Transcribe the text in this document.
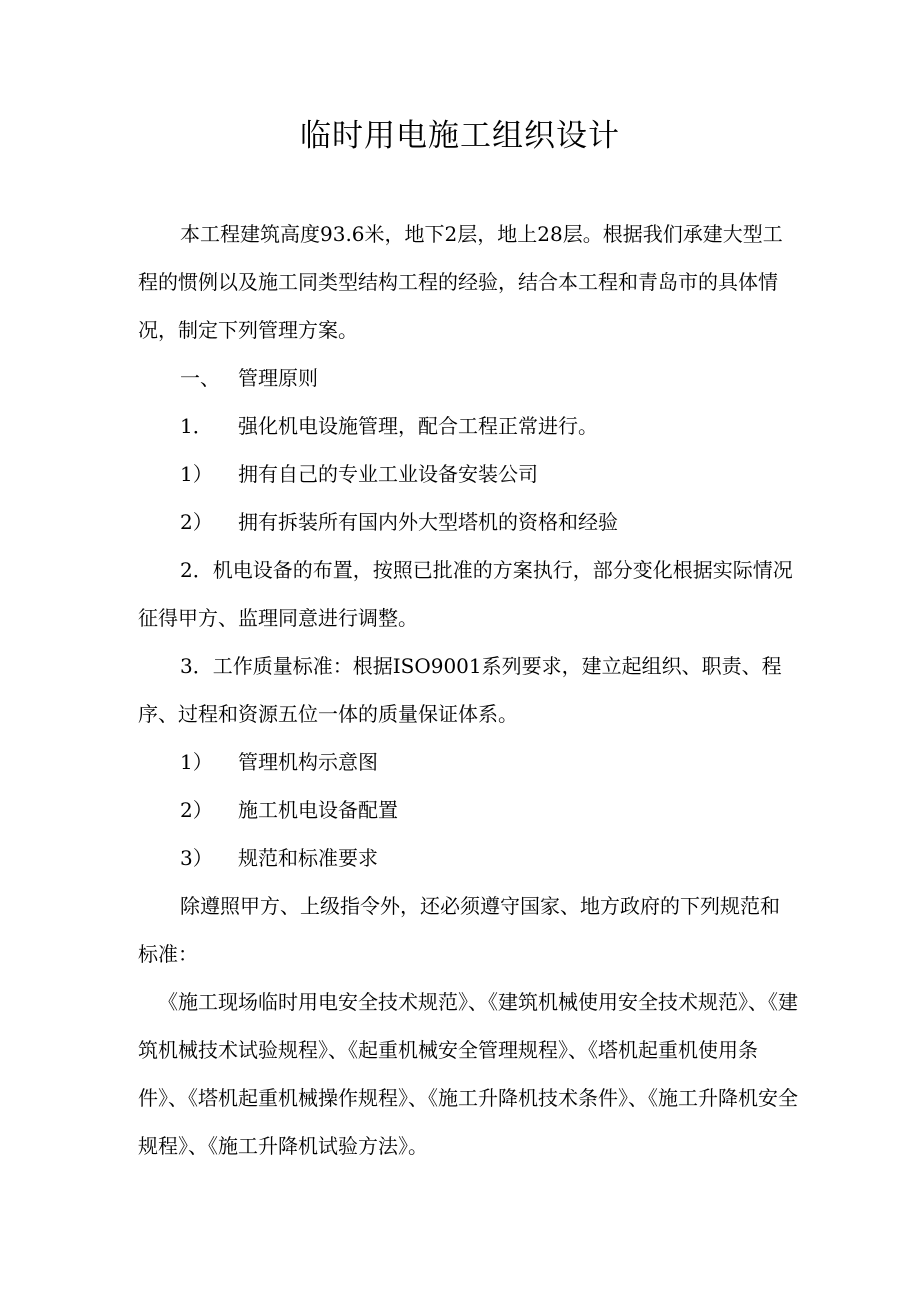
临时用电施工组织设计

本工程建筑高度93.6米，地下2层，地上28层。根据我们承建大型工程的惯例以及施工同类型结构工程的经验，结合本工程和青岛市的具体情况，制定下列管理方案。

一、 管理原则
1． 强化机电设施管理，配合工程正常进行。
1） 拥有自己的专业工业设备安装公司
2） 拥有拆装所有国内外大型塔机的资格和经验

2．机电设备的布置，按照已批准的方案执行，部分变化根据实际情况征得甲方、监理同意进行调整。

3．工作质量标准：根据ISO9001系列要求，建立起组织、职责、程序、过程和资源五位一体的质量保证体系。

1） 管理机构示意图
2） 施工机电设备配置
3） 规范和标准要求

除遵照甲方、上级指令外，还必须遵守国家、地方政府的下列规范和标准：

《施工现场临时用电安全技术规范》、《建筑机械使用安全技术规范》、《建筑机械技术试验规程》、《起重机械安全管理规程》、《塔机起重机使用条件》、《塔机起重机械操作规程》、《施工升降机技术条件》、《施工升降机安全规程》、《施工升降机试验方法》。
